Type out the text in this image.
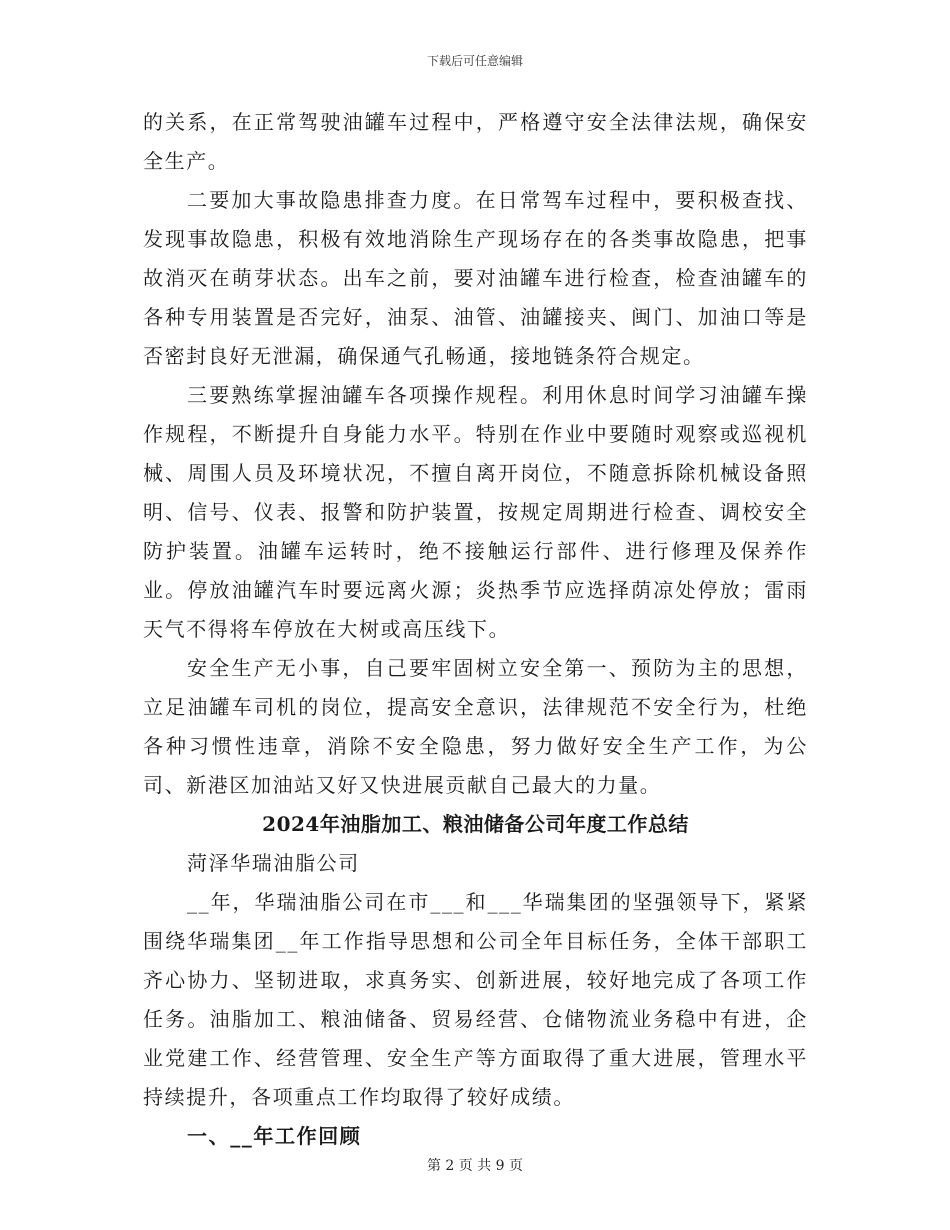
下载后可任意编辑

的关系，在正常驾驶油罐车过程中，严格遵守安全法律法规，确保安全生产。

二要加大事故隐患排查力度。在日常驾车过程中，要积极查找、发现事故隐患，积极有效地消除生产现场存在的各类事故隐患，把事故消灭在萌芽状态。出车之前，要对油罐车进行检查，检查油罐车的各种专用装置是否完好，油泵、油管、油罐接夹、闽门、加油口等是否密封良好无泄漏，确保通气孔畅通，接地链条符合规定。

三要熟练掌握油罐车各项操作规程。利用休息时间学习油罐车操作规程，不断提升自身能力水平。特别在作业中要随时观察或巡视机械、周围人员及环境状况，不擅自离开岗位，不随意拆除机械设备照明、信号、仪表、报警和防护装置，按规定周期进行检查、调校安全防护装置。油罐车运转时，绝不接触运行部件、进行修理及保养作业。停放油罐汽车时要远离火源；炎热季节应选择荫凉处停放；雷雨天气不得将车停放在大树或高压线下。

安全生产无小事，自己要牢固树立安全第一、预防为主的思想，立足油罐车司机的岗位，提高安全意识，法律规范不安全行为，杜绝各种习惯性违章，消除不安全隐患，努力做好安全生产工作，为公司、新港区加油站又好又快进展贡献自己最大的力量。

2024年油脂加工、粮油储备公司年度工作总结

菏泽华瑞油脂公司

__年，华瑞油脂公司在市___和___华瑞集团的坚强领导下，紧紧围绕华瑞集团__年工作指导思想和公司全年目标任务，全体干部职工齐心协力、坚韧进取，求真务实、创新进展，较好地完成了各项工作任务。油脂加工、粮油储备、贸易经营、仓储物流业务稳中有进，企业党建工作、经营管理、安全生产等方面取得了重大进展，管理水平持续提升，各项重点工作均取得了较好成绩。

一、__年工作回顾

第 2 页 共 9 页
